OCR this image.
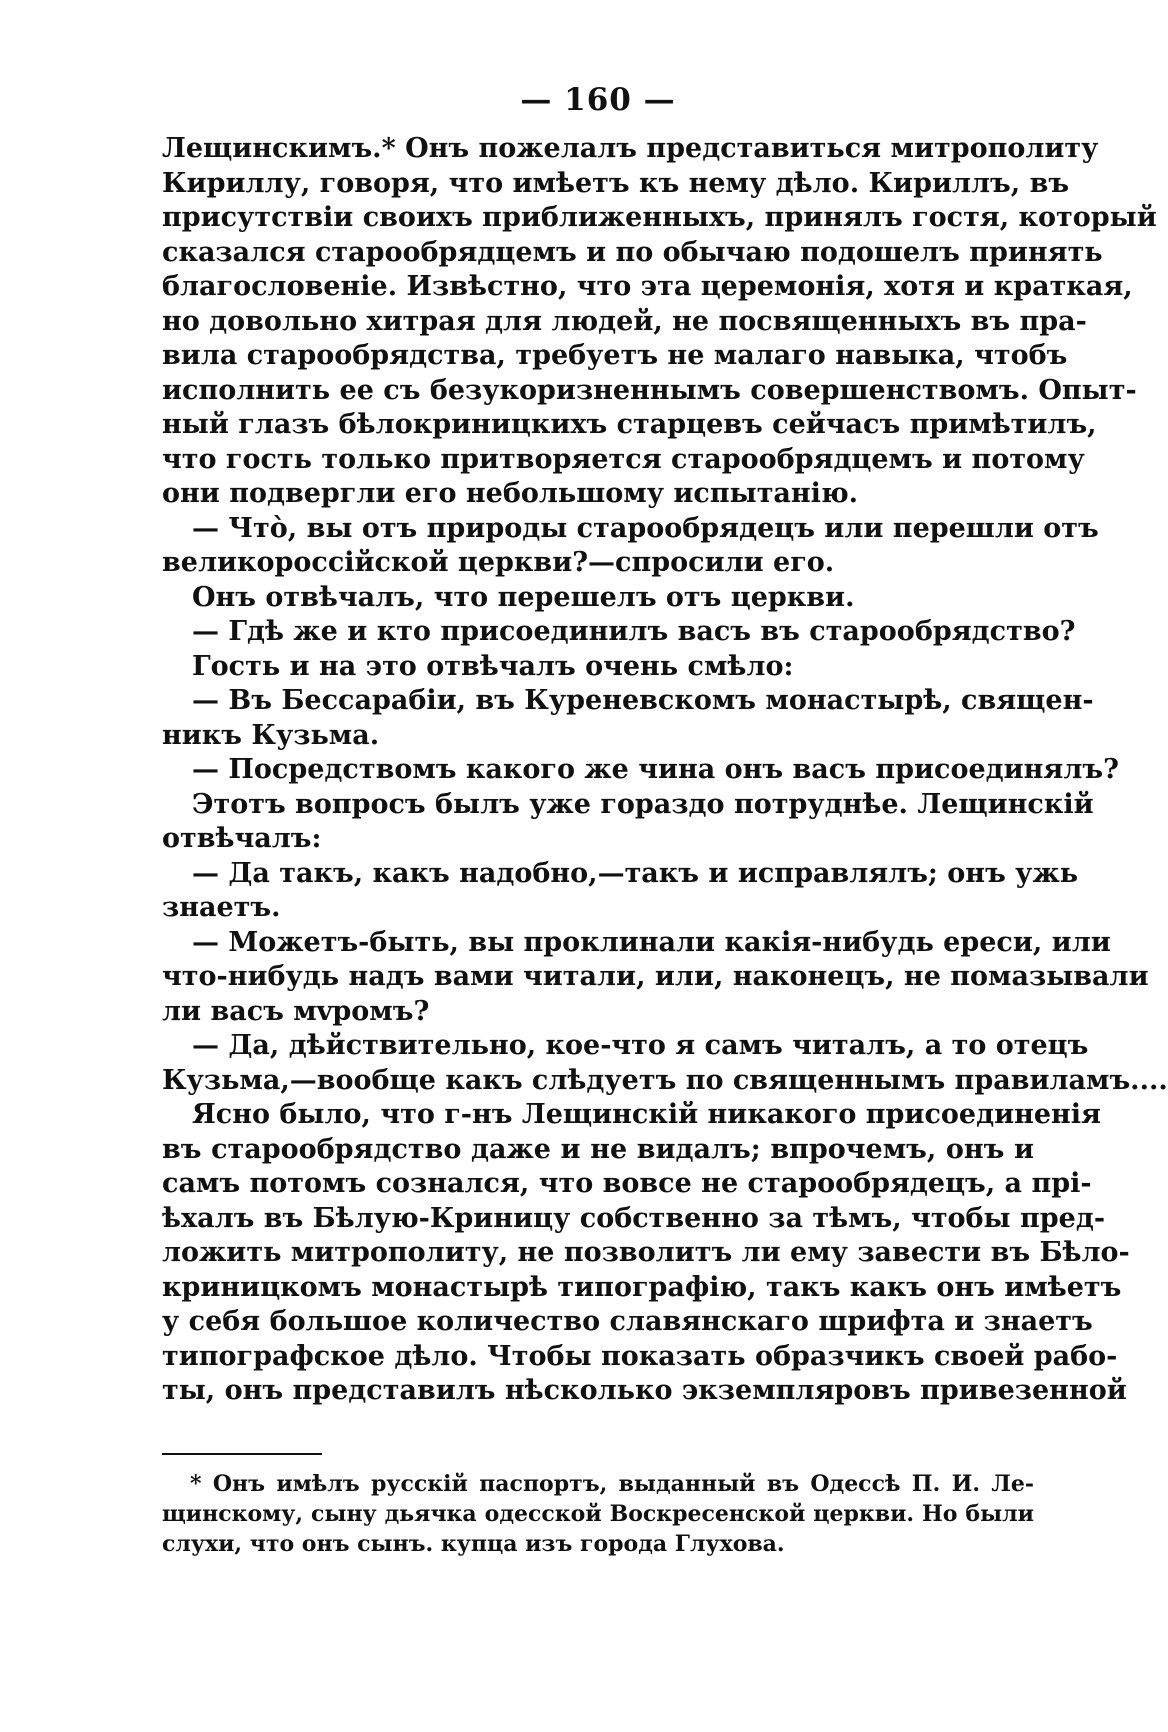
— 160 —
Лещинскимъ.* Онъ пожелалъ представиться митрополиту
Кириллу, говоря, что имѣетъ къ нему дѣло. Кириллъ, въ
присутствіи своихъ приближенныхъ, принялъ гостя, который
сказался старообрядцемъ и по обычаю подошелъ принять
благословеніе. Извѣстно, что эта церемонія, хотя и краткая,
но довольно хитрая для людей, не посвященныхъ въ пра-
вила старообрядства, требуетъ не малаго навыка, чтобъ
исполнить ее съ безукоризненнымъ совершенствомъ. Опыт-
ный глазъ бѣлокриницкихъ старцевъ сейчасъ примѣтилъ,
что гость только притворяется старообрядцемъ и потому
они подвергли его небольшому испытанію.
— Что̀, вы отъ природы старообрядецъ или перешли отъ
великороссійской церкви?—спросили его.
Онъ отвѣчалъ, что перешелъ отъ церкви.
— Гдѣ же и кто присоединилъ васъ въ старообрядство?
Гость и на это отвѣчалъ очень смѣло:
— Въ Бессарабіи, въ Куреневскомъ монастырѣ, священ-
никъ Кузьма.
— Посредствомъ какого же чина онъ васъ присоединялъ?
Этотъ вопросъ былъ уже гораздо потруднѣе. Лещинскій
отвѣчалъ:
— Да такъ, какъ надобно,—такъ и исправлялъ; онъ ужь
знаетъ.
— Можетъ-быть, вы проклинали какія-нибудь ереси, или
что-нибудь надъ вами читали, или, наконецъ, не помазывали
ли васъ мvромъ?
— Да, дѣйствительно, кое-что я самъ читалъ, а то отецъ
Кузьма,—вообще какъ слѣдуетъ по священнымъ правиламъ....
Ясно было, что г-нъ Лещинскій никакого присоединенія
въ старообрядство даже и не видалъ; впрочемъ, онъ и
самъ потомъ сознался, что вовсе не старообрядецъ, а прі-
ѣхалъ въ Бѣлую-Криницу собственно за тѣмъ, чтобы пред-
ложить митрополиту, не позволитъ ли ему завести въ Бѣло-
криницкомъ монастырѣ типографію, такъ какъ онъ имѣетъ
у себя большое количество славянскаго шрифта и знаетъ
типографское дѣло. Чтобы показать образчикъ своей рабо-
ты, онъ представилъ нѣсколько экземпляровъ привезенной
* Онъ имѣлъ русскій паспортъ, выданный въ Одессѣ П. И. Ле-
щинскому, сыну дьячка одесской Воскресенской церкви. Но были
слухи, что онъ сынъ. купца изъ города Глухова.
